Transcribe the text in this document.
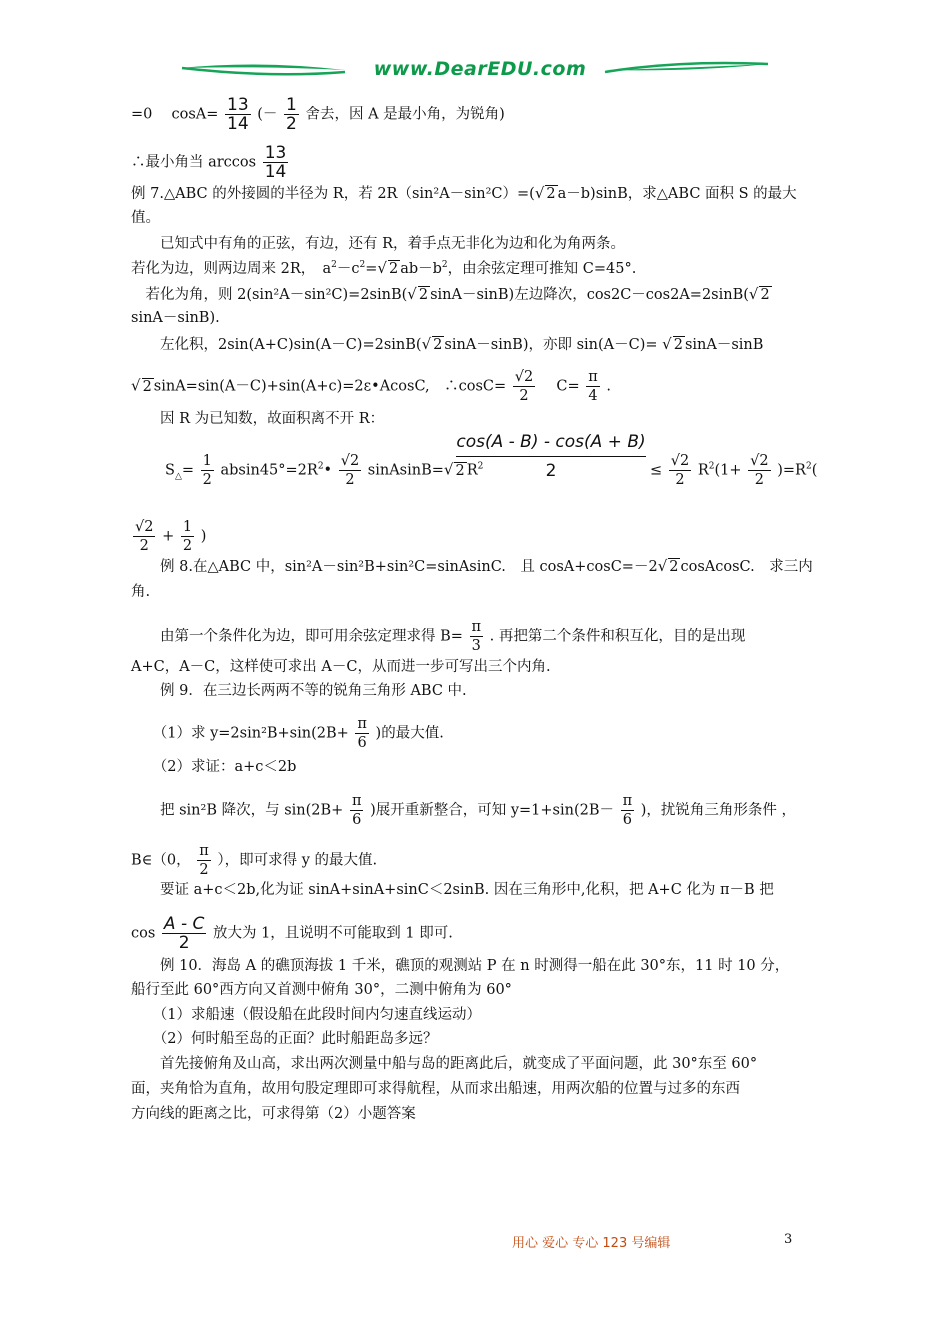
www.DearEDU.com
=0　 $\cos A= \frac{13}{14}$ (－ $\frac{1}{2}$ 舍去，因 A 是最小角，为锐角)
∴最小角当 $\arccos \frac{13}{14}$
例 7.△ABC 的外接圆的半径为 R，若 2R（sin²A－sin²C）=(√ 2 a－b)sinB，求△ABC 面积 S 的最大
值。
　　已知式中有角的正弦，有边，还有 R，着手点无非化为边和化为角两条。
若化为边，则两边周来 2R，　$a^2-c^2=√$ 2 $ab-b^2$，由余弦定理可推知 C=45°.
　若化为角，则 2(sin²A－sin²C)=2sinB(√ 2 sinA－sinB)左边降次，cos2C－cos2A=2sinB(√ 2
sinA－sinB).
　　左化积，2sin(A+C)sin(A－C)=2sinB(√ 2 sinA－sinB)，亦即 sin(A－C)= √ 2 sinA－sinB
√ 2 sinA=sin(A－C)+sin(A+c)=2ε•AcosC,　∴cosC= $\frac{√2}{2}$ 　$C= \frac{\pi}{4}$ .
　　因 R 为已知数，故面积离不开 R：
$S_\triangle= \frac{1}{2}$ $absin45^\circ=2R^2• \frac{√2}{2}$ sinAsinB=√ 2 $R^2$
cos(A - B) - cos(A + B)
2	≤ $\frac{√2}{2} R^2(1+ \frac{√2}{2} )=R^2$(
$\frac{√2}{2} + \frac{1}{2}$ )
　　例 8.在△ABC 中，sin²A－sin²B+sin²C=sinAsinC.　且 cosA+cosC=－2√ 2 cosAcosC.　求三内
角.
　　由第一个条件化为边，即可用余弦定理求得 $B= \frac{\pi}{3}$ . 再把第二个条件和积互化，目的是出现
A+C，A－C，这样使可求出 A－C，从而进一步可写出三个内角.
　　例 9．在三边长两两不等的锐角三角形 ABC 中.
　　（1）求 $y=2\sin^2B+\sin(2B+ \frac{\pi}{6}$ )的最大值.
　　（2）求证：a+c＜2b
　　把 sin²B 降次，与 $\sin(2B+ \frac{\pi}{6}$ )展开重新整合，可知 $y=1+\sin(2B- \frac{\pi}{6}$ )，扰锐角三角形条件 ，
B∈（0， $\frac{\pi}{2}$ ），即可求得 y 的最大值.
　　要证 a+c＜2b,化为证 sinA+sinA+sinC＜2sinB. 因在三角形中,化积，把 A+C 化为 π－B 把
$\cos \frac{A - C}{2}$ 放大为 1，且说明不可能取到 1 即可.
　　例 10．海岛 A 的礁顶海拔 1 千米，礁顶的观测站 P 在 n 时测得一船在此 30°东，11 时 10 分，
船行至此 60°西方向又首测中俯角 30°，二测中俯角为 60°
　　（1）求船速（假设船在此段时间内匀速直线运动）
　　（2）何时船至岛的正面？此时船距岛多远？
　　首先接俯角及山高，求出两次测量中船与岛的距离此后，就变成了平面问题，此 30°东至 60°
面，夹角恰为直角，故用句股定理即可求得航程，从而求出船速，用两次船的位置与过多的东西
方向线的距离之比，可求得第（2）小题答案
用心 爱心 专心 123 号编辑	3
